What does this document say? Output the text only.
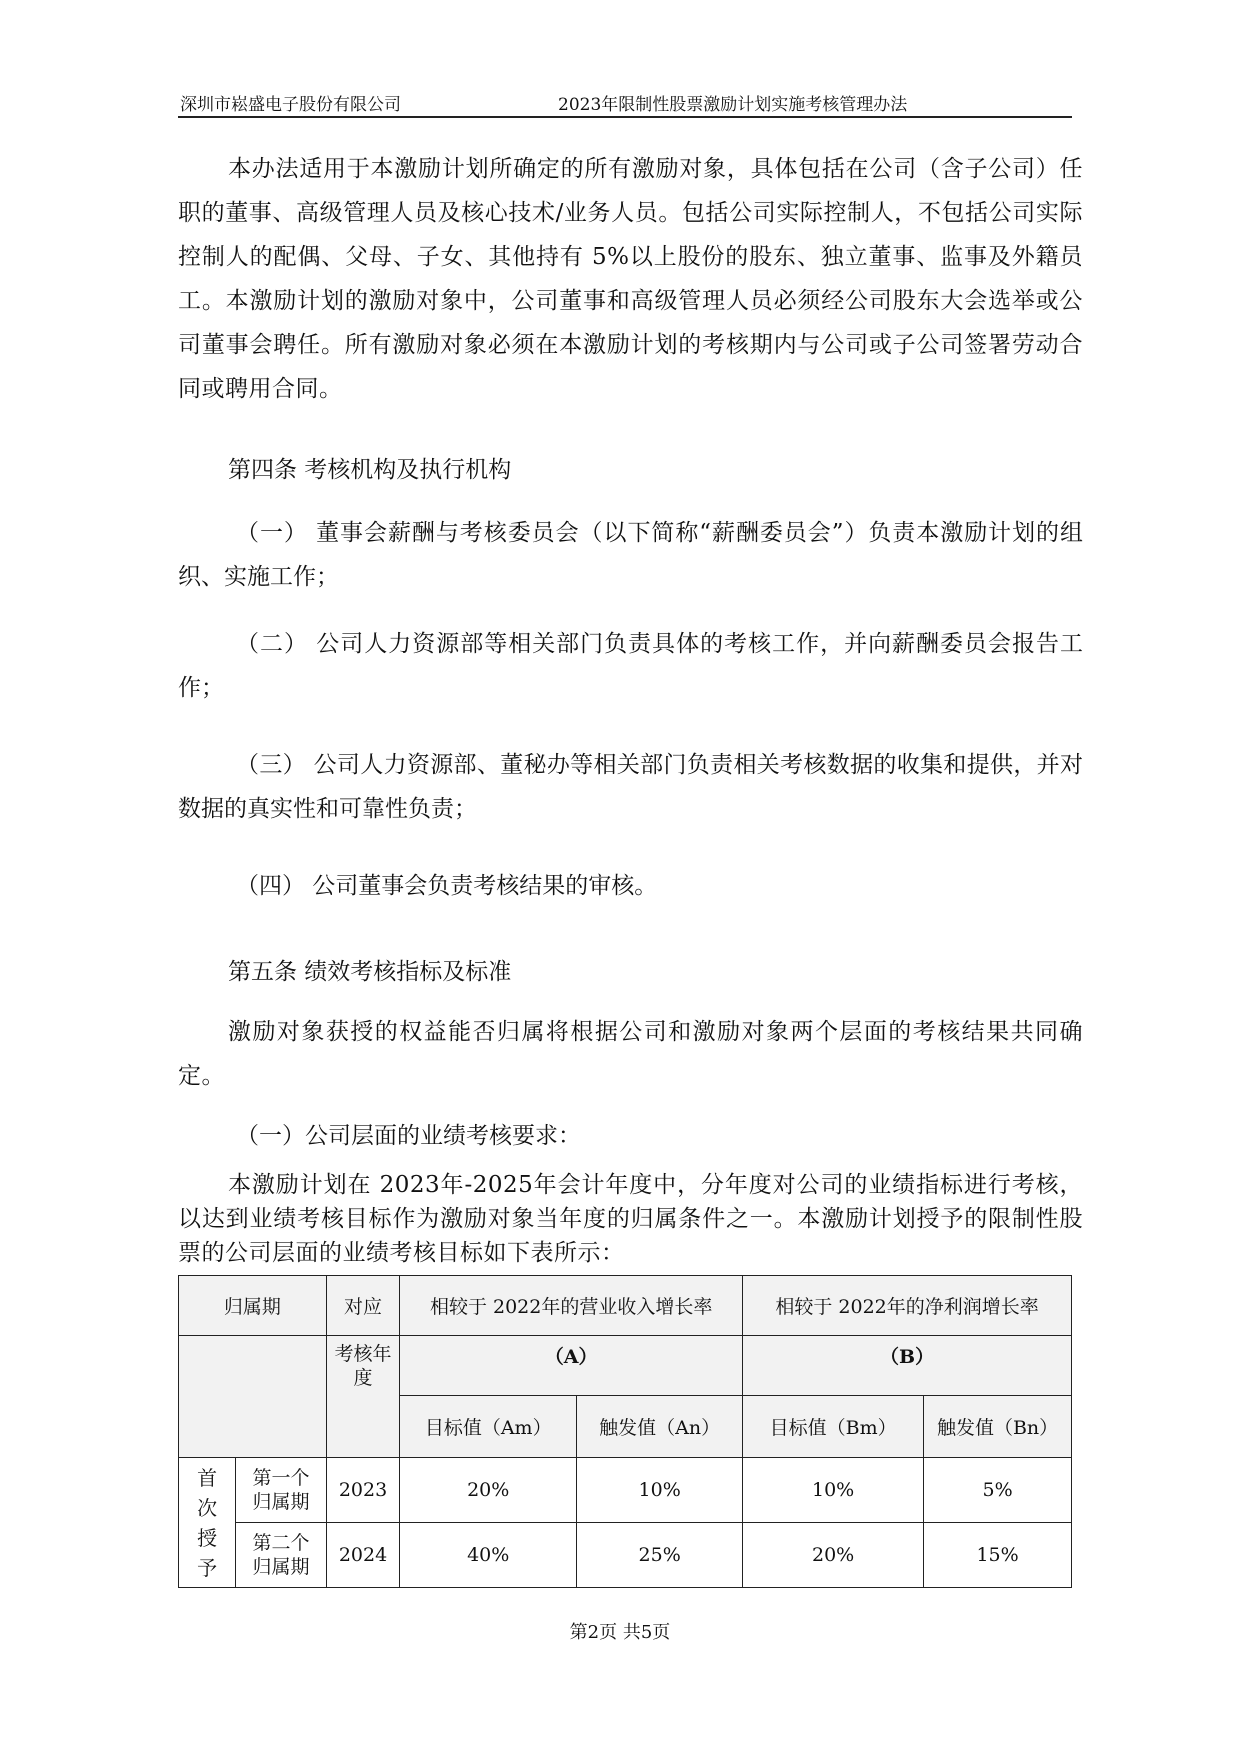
深圳市崧盛电子股份有限公司	2023年限制性股票激励计划实施考核管理办法

本办法适用于本激励计划所确定的所有激励对象，具体包括在公司（含子公司）任职的董事、高级管理人员及核心技术/业务人员。包括公司实际控制人，不包括公司实际控制人的配偶、父母、子女、其他持有 5%以上股份的股东、独立董事、监事及外籍员工。本激励计划的激励对象中，公司董事和高级管理人员必须经公司股东大会选举或公司董事会聘任。所有激励对象必须在本激励计划的考核期内与公司或子公司签署劳动合同或聘用合同。

第四条 考核机构及执行机构

（一） 董事会薪酬与考核委员会（以下简称“薪酬委员会”）负责本激励计划的组织、实施工作；

（二） 公司人力资源部等相关部门负责具体的考核工作，并向薪酬委员会报告工作；

（三） 公司人力资源部、董秘办等相关部门负责相关考核数据的收集和提供，并对数据的真实性和可靠性负责；

（四） 公司董事会负责考核结果的审核。

第五条 绩效考核指标及标准

激励对象获授的权益能否归属将根据公司和激励对象两个层面的考核结果共同确定。

（一）公司层面的业绩考核要求：

本激励计划在 2023年-2025年会计年度中，分年度对公司的业绩指标进行考核，以达到业绩考核目标作为激励对象当年度的归属条件之一。本激励计划授予的限制性股票的公司层面的业绩考核目标如下表所示：

归属期		对应	相较于 2022年的营业收入增长率		相较于 2022年的净利润增长率	
		考核年度	（A）		（B）	
			目标值（Am）	触发值（An）	目标值（Bm）	触发值（Bn）
首次授予	第一个归属期	2023	20%	10%	10%	5%
	第二个归属期	2024	40%	25%	20%	15%
第2页 共5页
